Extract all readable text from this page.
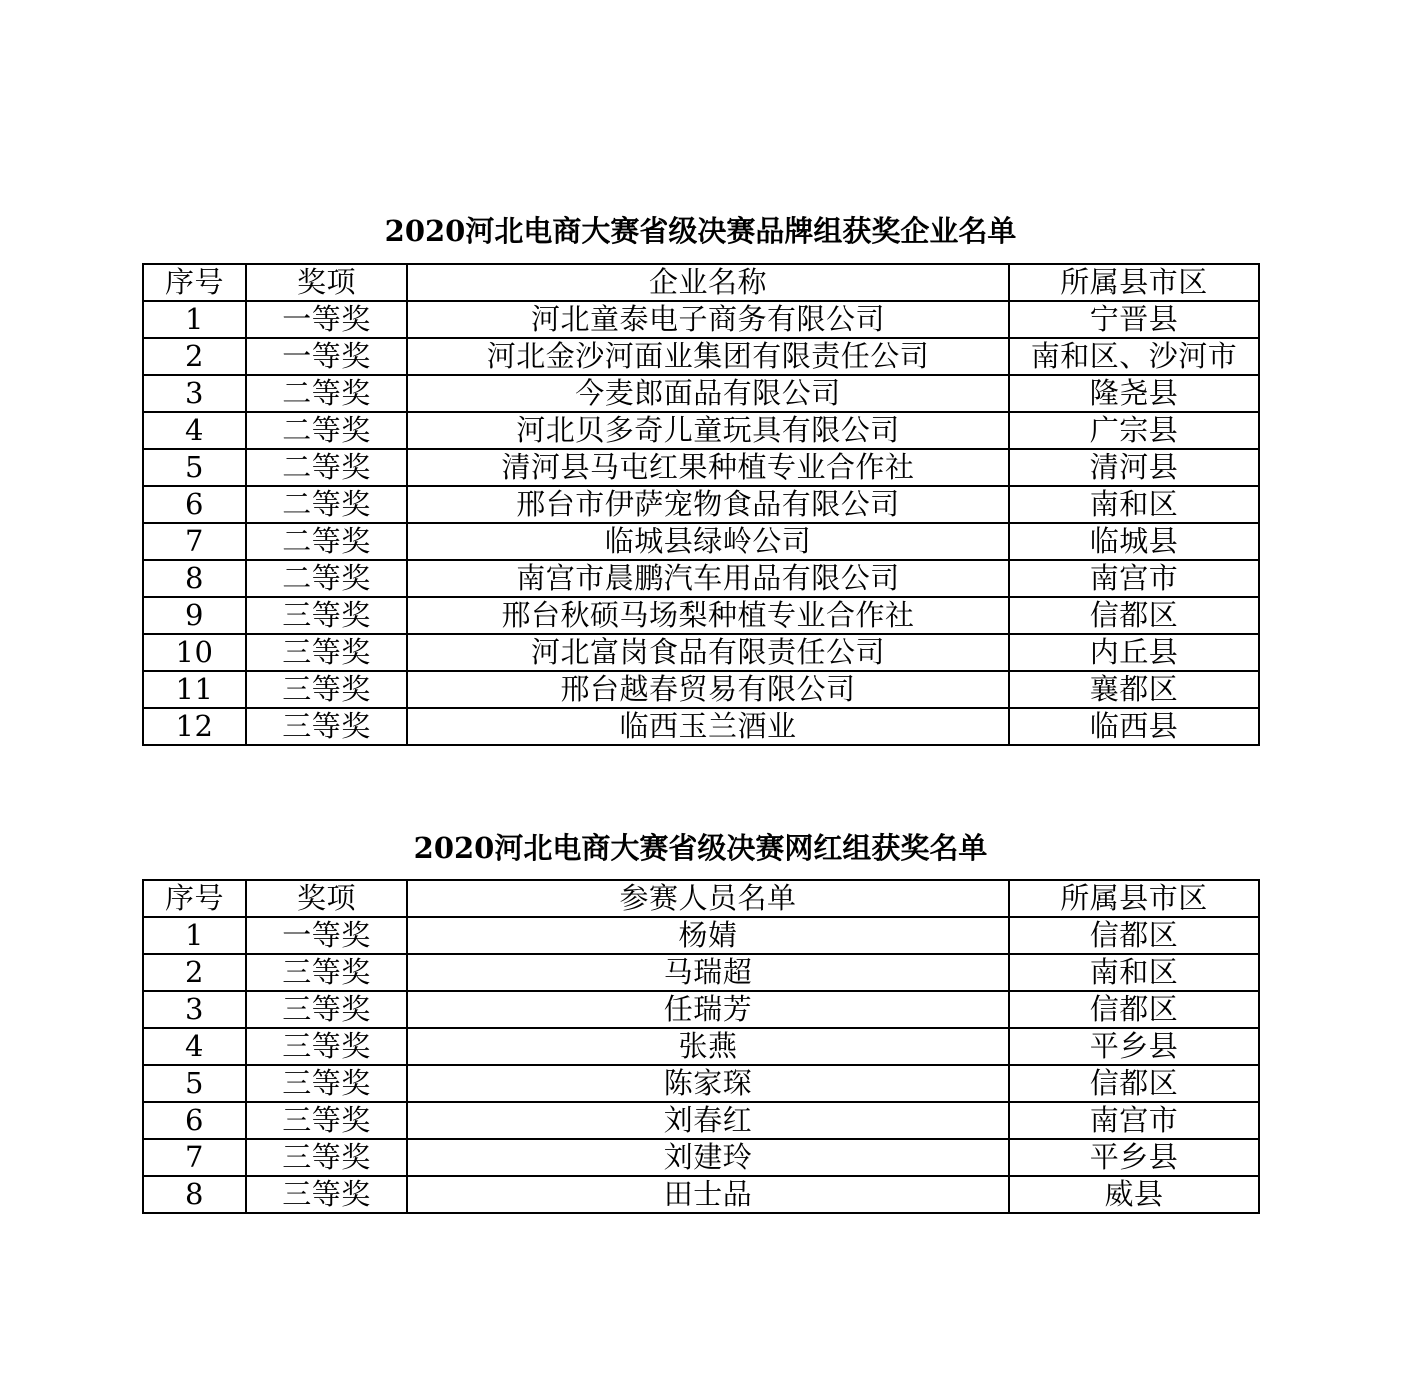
2020河北电商大赛省级决赛品牌组获奖企业名单
序号	奖项	企业名称	所属县市区
1	一等奖	河北童泰电子商务有限公司	宁晋县
2	一等奖	河北金沙河面业集团有限责任公司	南和区、沙河市
3	二等奖	今麦郎面品有限公司	隆尧县
4	二等奖	河北贝多奇儿童玩具有限公司	广宗县
5	二等奖	清河县马屯红果种植专业合作社	清河县
6	二等奖	邢台市伊萨宠物食品有限公司	南和区
7	二等奖	临城县绿岭公司	临城县
8	二等奖	南宫市晨鹏汽车用品有限公司	南宫市
9	三等奖	邢台秋硕马场梨种植专业合作社	信都区
10	三等奖	河北富岗食品有限责任公司	内丘县
11	三等奖	邢台越春贸易有限公司	襄都区
12	三等奖	临西玉兰酒业	临西县
2020河北电商大赛省级决赛网红组获奖名单
序号	奖项	参赛人员名单	所属县市区
1	一等奖	杨婧	信都区
2	三等奖	马瑞超	南和区
3	三等奖	任瑞芳	信都区
4	三等奖	张燕	平乡县
5	三等奖	陈家琛	信都区
6	三等奖	刘春红	南宫市
7	三等奖	刘建玲	平乡县
8	三等奖	田士品	威县
